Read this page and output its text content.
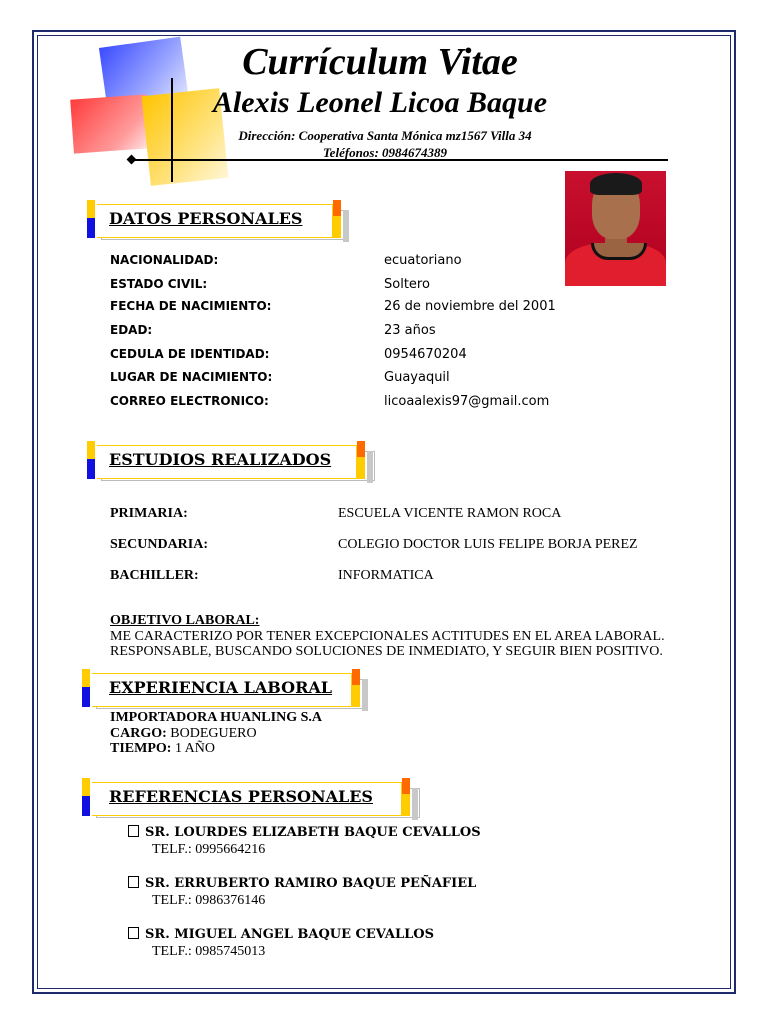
Currículum Vitae
Alexis Leonel Licoa Baque
Dirección: Cooperativa Santa Mónica mz1567 Villa 34
Teléfonos: 0984674389
DATOS PERSONALES
NACIONALIDAD:	ecuatoriano
ESTADO CIVIL:	Soltero
FECHA DE NACIMIENTO:	26 de noviembre del 2001
EDAD:	23 años
CEDULA DE IDENTIDAD:	0954670204
LUGAR DE NACIMIENTO:	Guayaquil
CORREO ELECTRONICO:	licoaalexis97@gmail.com
ESTUDIOS REALIZADOS
PRIMARIA:	ESCUELA VICENTE RAMON ROCA
SECUNDARIA:	COLEGIO DOCTOR LUIS FELIPE BORJA PEREZ
BACHILLER:	INFORMATICA
OBJETIVO LABORAL:
ME CARACTERIZO POR TENER EXCEPCIONALES ACTITUDES EN EL AREA LABORAL.
RESPONSABLE, BUSCANDO SOLUCIONES DE INMEDIATO, Y SEGUIR BIEN POSITIVO.
EXPERIENCIA LABORAL
IMPORTADORA HUANLING S.A
CARGO: BODEGUERO
TIEMPO: 1 AÑO
REFERENCIAS PERSONALES
SR. LOURDES ELIZABETH BAQUE CEVALLOS
TELF.: 0995664216
SR. ERRUBERTO RAMIRO BAQUE PEÑAFIEL
TELF.: 0986376146
SR. MIGUEL ANGEL BAQUE CEVALLOS
TELF.: 0985745013
